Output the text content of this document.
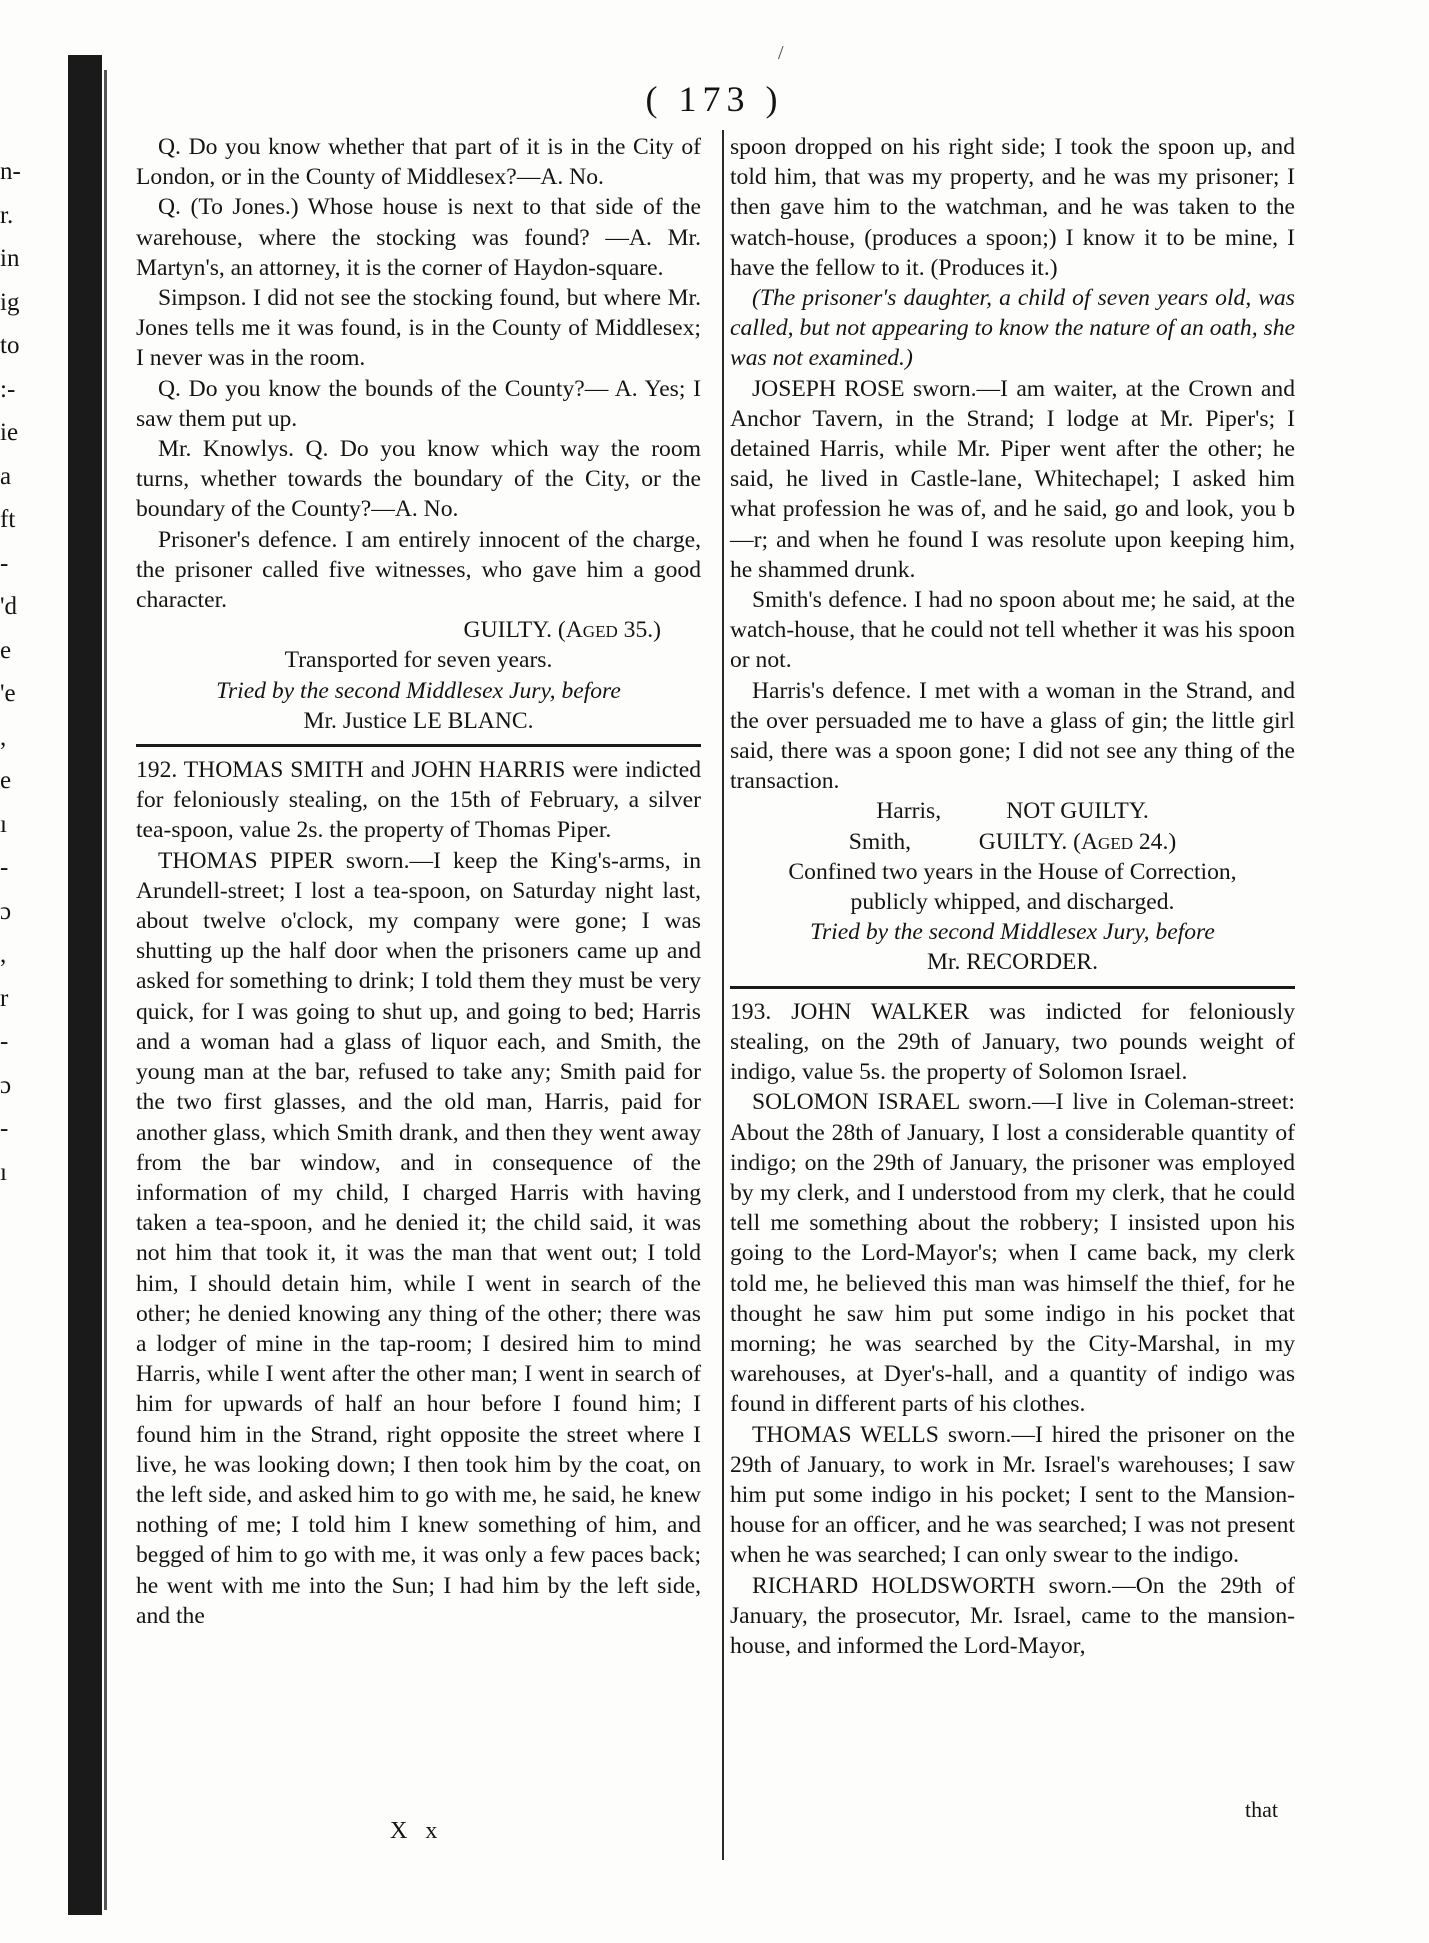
n-
r.
in
ig
to
:-
ie
a
ft
-
'd
e
'e
,
e
ı
-
ɔ
,
r
-
ɔ
-
ı
/
( 173 )

Q. Do you know whether that part of it is in the City of London, or in the County of Middlesex?—A. No.

Q. (To Jones.) Whose house is next to that side of the warehouse, where the stocking was found? —A. Mr. Martyn's, an attorney, it is the corner of Haydon-square.

Simpson. I did not see the stocking found, but where Mr. Jones tells me it was found, is in the County of Middlesex; I never was in the room.

Q. Do you know the bounds of the County?— A. Yes; I saw them put up.

Mr. Knowlys. Q. Do you know which way the room turns, whether towards the boundary of the City, or the boundary of the County?—A. No.

Prisoner's defence. I am entirely innocent of the charge, the prisoner called five witnesses, who gave him a good character.

GUILTY. (Aged 35.)

Transported for seven years.

Tried by the second Middlesex Jury, before

Mr. Justice LE BLANC.

192. THOMAS SMITH and JOHN HARRIS were indicted for feloniously stealing, on the 15th of February, a silver tea-spoon, value 2s. the property of Thomas Piper.

THOMAS PIPER sworn.—I keep the King's-arms, in Arundell-street; I lost a tea-spoon, on Saturday night last, about twelve o'clock, my company were gone; I was shutting up the half door when the prisoners came up and asked for something to drink; I told them they must be very quick, for I was going to shut up, and going to bed; Harris and a woman had a glass of liquor each, and Smith, the young man at the bar, refused to take any; Smith paid for the two first glasses, and the old man, Harris, paid for another glass, which Smith drank, and then they went away from the bar window, and in consequence of the information of my child, I charged Harris with having taken a tea-spoon, and he denied it; the child said, it was not him that took it, it was the man that went out; I told him, I should detain him, while I went in search of the other; he denied knowing any thing of the other; there was a lodger of mine in the tap-room; I desired him to mind Harris, while I went after the other man; I went in search of him for upwards of half an hour before I found him; I found him in the Strand, right opposite the street where I live, he was looking down; I then took him by the coat, on the left side, and asked him to go with me, he said, he knew nothing of me; I told him I knew something of him, and begged of him to go with me, it was only a few paces back; he went with me into the Sun; I had him by the left side, and the

spoon dropped on his right side; I took the spoon up, and told him, that was my property, and he was my prisoner; I then gave him to the watchman, and he was taken to the watch-house, (produces a spoon;) I know it to be mine, I have the fellow to it. (Produces it.)

(The prisoner's daughter, a child of seven years old, was called, but not appearing to know the nature of an oath, she was not examined.)

JOSEPH ROSE sworn.—I am waiter, at the Crown and Anchor Tavern, in the Strand; I lodge at Mr. Piper's; I detained Harris, while Mr. Piper went after the other; he said, he lived in Castle-lane, Whitechapel; I asked him what profession he was of, and he said, go and look, you b—r; and when he found I was resolute upon keeping him, he shammed drunk.

Smith's defence. I had no spoon about me; he said, at the watch-house, that he could not tell whether it was his spoon or not.

Harris's defence. I met with a woman in the Strand, and the over persuaded me to have a glass of gin; the little girl said, there was a spoon gone; I did not see any thing of the transaction.

Harris,	NOT GUILTY.
Smith,	GUILTY. (Aged 24.)

Confined two years in the House of Correction,

publicly whipped, and discharged.

Tried by the second Middlesex Jury, before

Mr. RECORDER.

193. JOHN WALKER was indicted for feloniously stealing, on the 29th of January, two pounds weight of indigo, value 5s. the property of Solomon Israel.

SOLOMON ISRAEL sworn.—I live in Coleman-street: About the 28th of January, I lost a considerable quantity of indigo; on the 29th of January, the prisoner was employed by my clerk, and I understood from my clerk, that he could tell me something about the robbery; I insisted upon his going to the Lord-Mayor's; when I came back, my clerk told me, he believed this man was himself the thief, for he thought he saw him put some indigo in his pocket that morning; he was searched by the City-Marshal, in my warehouses, at Dyer's-hall, and a quantity of indigo was found in different parts of his clothes.

THOMAS WELLS sworn.—I hired the prisoner on the 29th of January, to work in Mr. Israel's warehouses; I saw him put some indigo in his pocket; I sent to the Mansion-house for an officer, and he was searched; I was not present when he was searched; I can only swear to the indigo.

RICHARD HOLDSWORTH sworn.—On the 29th of January, the prosecutor, Mr. Israel, came to the mansion-house, and informed the Lord-Mayor,

X x
that
